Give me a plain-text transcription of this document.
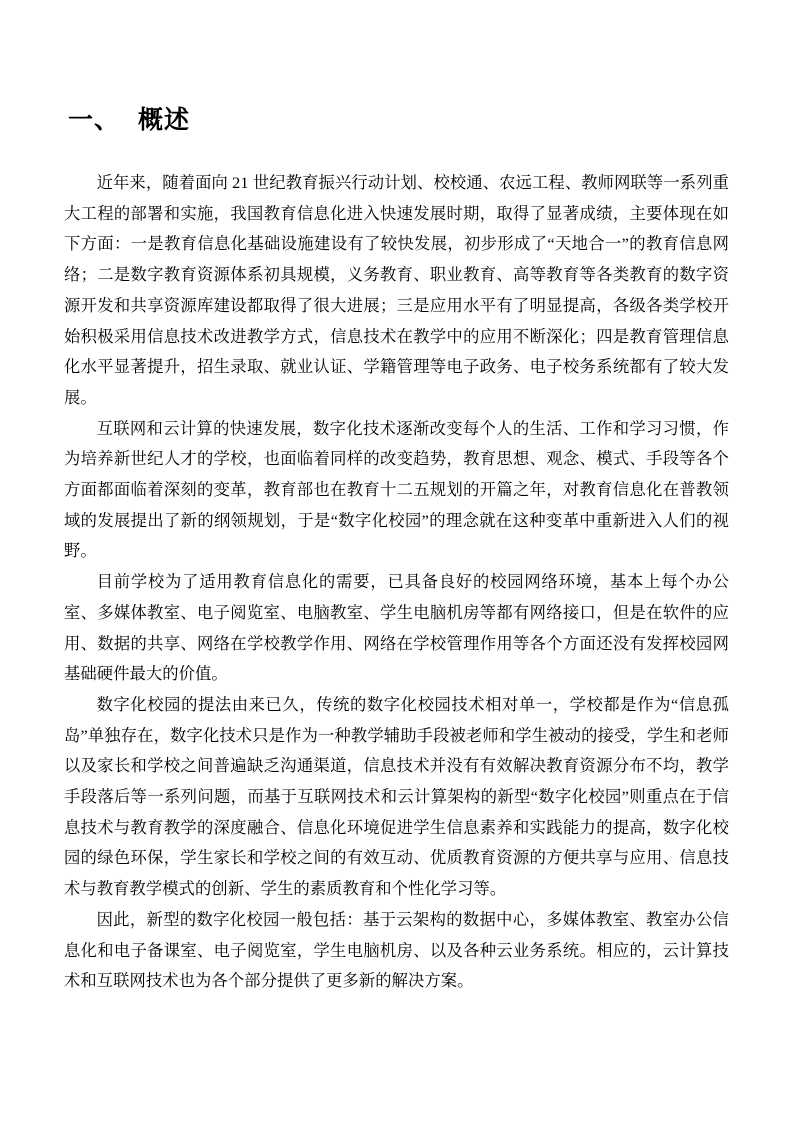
一、 概述

近年来，随着面向 21 世纪教育振兴行动计划、校校通、农远工程、教师网联等一系列重大工程的部署和实施，我国教育信息化进入快速发展时期，取得了显著成绩，主要体现在如下方面：一是教育信息化基础设施建设有了较快发展，初步形成了“天地合一”的教育信息网络；二是数字教育资源体系初具规模，义务教育、职业教育、高等教育等各类教育的数字资源开发和共享资源库建设都取得了很大进展；三是应用水平有了明显提高，各级各类学校开始积极采用信息技术改进教学方式，信息技术在教学中的应用不断深化；四是教育管理信息化水平显著提升，招生录取、就业认证、学籍管理等电子政务、电子校务系统都有了较大发展。

互联网和云计算的快速发展，数字化技术逐渐改变每个人的生活、工作和学习习惯，作为培养新世纪人才的学校，也面临着同样的改变趋势，教育思想、观念、模式、手段等各个方面都面临着深刻的变革，教育部也在教育十二五规划的开篇之年，对教育信息化在普教领域的发展提出了新的纲领规划，于是“数字化校园”的理念就在这种变革中重新进入人们的视野。

目前学校为了适用教育信息化的需要，已具备良好的校园网络环境，基本上每个办公室、多媒体教室、电子阅览室、电脑教室、学生电脑机房等都有网络接口，但是在软件的应用、数据的共享、网络在学校教学作用、网络在学校管理作用等各个方面还没有发挥校园网基础硬件最大的价值。

数字化校园的提法由来已久，传统的数字化校园技术相对单一，学校都是作为“信息孤岛”单独存在，数字化技术只是作为一种教学辅助手段被老师和学生被动的接受，学生和老师以及家长和学校之间普遍缺乏沟通渠道，信息技术并没有有效解决教育资源分布不均，教学手段落后等一系列问题，而基于互联网技术和云计算架构的新型“数字化校园”则重点在于信息技术与教育教学的深度融合、信息化环境促进学生信息素养和实践能力的提高，数字化校园的绿色环保，学生家长和学校之间的有效互动、优质教育资源的方便共享与应用、信息技术与教育教学模式的创新、学生的素质教育和个性化学习等。

因此，新型的数字化校园一般包括：基于云架构的数据中心，多媒体教室、教室办公信息化和电子备课室、电子阅览室，学生电脑机房、以及各种云业务系统。相应的，云计算技术和互联网技术也为各个部分提供了更多新的解决方案。
